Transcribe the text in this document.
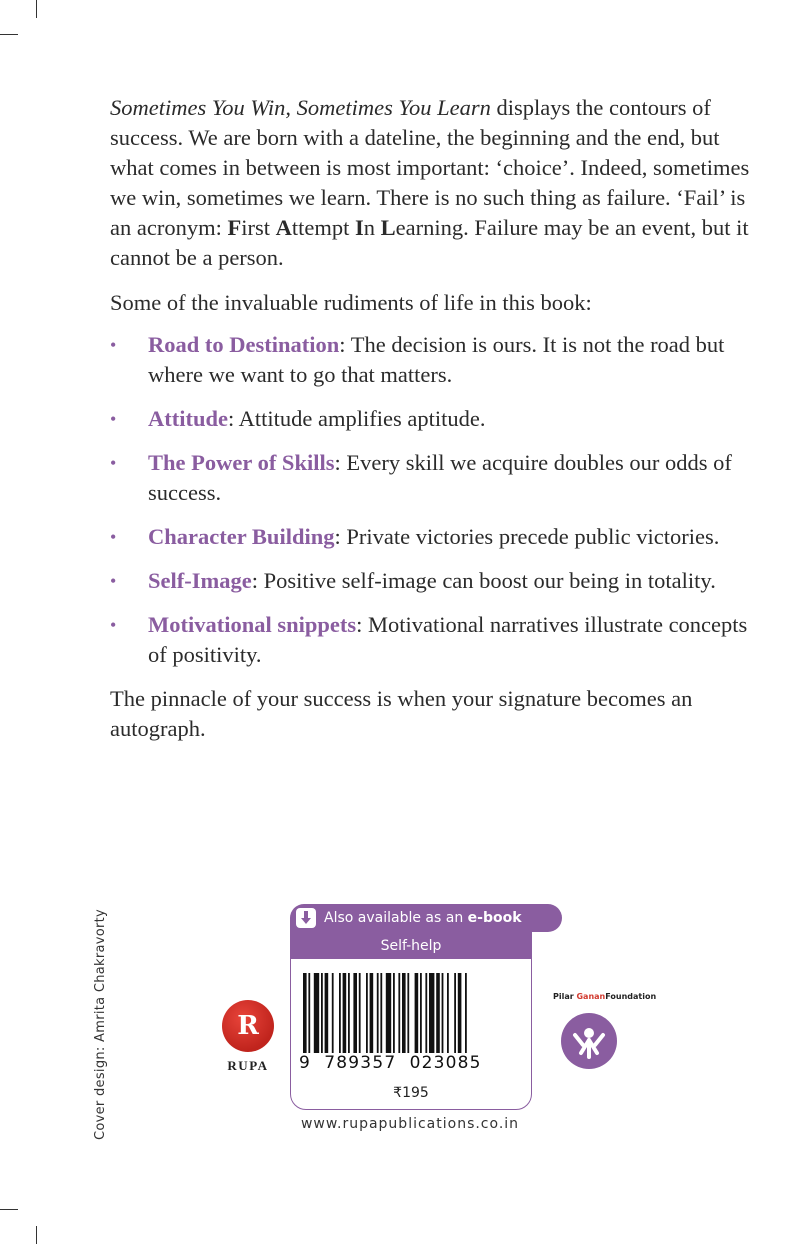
Sometimes You Win, Sometimes You Learn displays the contours of success. We are born with a dateline, the beginning and the end, but what comes in between is most important: ‘choice’. Indeed, sometimes we win, sometimes we learn. There is no such thing as failure. ‘Fail’ is an acronym: First Attempt In Learning. Failure may be an event, but it cannot be a person.

Some of the invaluable rudiments of life in this book:

• Road to Destination: The decision is ours. It is not the road but where we want to go that matters.
• Attitude: Attitude amplifies aptitude.
• The Power of Skills: Every skill we acquire doubles our odds of success.
• Character Building: Private victories precede public victories.
• Self-Image: Positive self-image can boost our being in totality.
• Motivational snippets: Motivational narratives illustrate concepts of positivity.

The pinnacle of your success is when your signature becomes an autograph.

Cover design: Amrita Chakravorty	R
RUPA
Also available as an e-book
Self-help
9 789357 023085
₹195
www.rupapublications.co.in
Pilar GananFoundation
